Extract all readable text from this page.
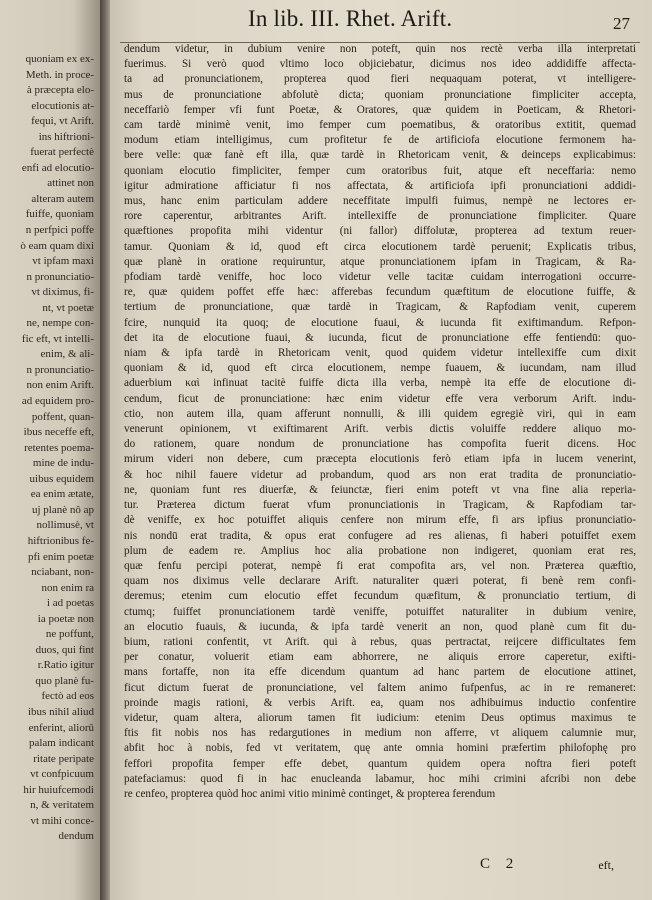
quoniam ex ex-
Meth. in proce-
à præcepta elo-
elocutionis at-
fequi, vt Arift.
ins hiftrioni-
fuerat perfectè
enfi ad elocutio-
attinet non
alteram autem
fuiffe, quoniam
n perfpici poffe
ò eam quam dixi
vt ipfam maxi
n pronunciatio-
vt diximus, fi-
nt, vt poetæ
ne, nempe con-
fic eft, vt intelli-
enim, & ali-
n pronunciatio-
non enim Arift.
ad equidem pro-
poffent, quan-
ibus neceffe eft,
retentes poema-
mine de indu-
uibus equidem
ea enim ætate,
uj planè nô ap
nollimusè, vt
hiftrionibus fe-
pfi enim poetæ
nciabant, non-
non enim ra
i ad poetas
ia poetæ non
ne poffunt,
duos, qui fint
r.Ratio igitur
quo planè fu-
fectò ad eos
ibus nihil aliud
enferint, aliorū
palam indicant
ritate peripate
vt confpicuum
hir huiufcemodi
n, & veritatem
vt mihi conce-
dendum
In lib. III. Rhet. Arift.	27
dendum videtur, in dubium venire non poteft, quin nos rectè verba illa interpretati
fuerimus. Si verò quod vltimo loco objiciebatur, dicimus nos ideo addidiffe affecta-
ta ad pronunciationem, propterea quod fieri nequaquam poterat, vt intelligere-
mus de pronunciatione abfolutè dicta; quoniam pronunciatione fimpliciter accepta,
neceffariò femper vfi funt Poetæ, & Oratores, quæ quidem in Poeticam, & Rhetori-
cam tardè minimè venit, imo femper cum poematibus, & oratoribus extitit, quemad
modum etiam intelligimus, cum profitetur fe de artificiofa elocutione fermonem ha-
bere velle: quæ fanè eft illa, quæ tardè in Rhetoricam venit, & deinceps explicabimus:
quoniam elocutio fimpliciter, femper cum oratoribus fuit, atque eft neceffaria: nemo
igitur admiratione afficiatur fi nos affectata, & artificiofa ipfi pronunciationi addidi-
mus, hanc enim particulam addere neceffitate impulfi fuimus, nempè ne lectores er-
rore caperentur, arbitrantes Arift. intellexiffe de pronunciatione fimpliciter. Quare
quæftiones propofita mihi videntur (ni fallor) diffolutæ, propterea ad textum reuer-
tamur. Quoniam & id, quod eft circa elocutionem tardè peruenit; Explicatis tribus,
quæ planè in oratione requiruntur, atque pronunciationem ipfam in Tragicam, & Ra-
pfodiam tardè veniffe, hoc loco videtur velle tacitæ cuidam interrogationi occurre-
re, quæ quidem poffet effe hæc: afferebas fecundum quæftitum de elocutione fuiffe, &
tertium de pronunciatione, quæ tardè in Tragicam, & Rapfodiam venit, cuperem
fcire, nunquid ita quoq; de elocutione fuaui, & iucunda fit exiftimandum. Refpon-
det ita de elocutione fuaui, & iucunda, ficut de pronunciatione effe fentiendū: quo-
niam & ipfa tardè in Rhetoricam venit, quod quidem videtur intellexiffe cum dixit
quoniam & id, quod eft circa elocutionem, nempe fuauem, & iucundam, nam illud
aduerbium καὶ infinuat tacitè fuiffe dicta illa verba, nempè ita effe de elocutione di-
cendum, ficut de pronunciatione: hæc enim videtur effe vera verborum Arift. indu-
ctio, non autem illa, quam afferunt nonnulli, & illi quidem egregiè viri, qui in eam
venerunt opinionem, vt exiftimarent Arift. verbis dictis voluiffe reddere aliquo mo-
do rationem, quare nondum de pronunciatione has compofita fuerit dicens. Hoc
mirum videri non debere, cum præcepta elocutionis ferò etiam ipfa in lucem venerint,
& hoc nihil fauere videtur ad probandum, quod ars non erat tradita de pronunciatio-
ne, quoniam funt res diuerfæ, & feiunctæ, fieri enim poteft vt vna fine alia reperia-
tur. Præterea dictum fuerat vfum pronunciationis in Tragicam, & Rapfodiam tar-
dè veniffe, ex hoc potuiffet aliquis cenfere non mirum effe, fi ars ipfius pronunciatio-
nis nondū erat tradita, & opus erat confugere ad res alienas, fi haberi potuiffet exem
plum de eadem re. Amplius hoc alia probatione non indigeret, quoniam erat res,
quæ fenfu percipi poterat, nempè fi erat compofita ars, vel non. Præterea quæftio,
quam nos diximus velle declarare Arift. naturaliter quæri poterat, fi benè rem confi-
deremus; etenim cum elocutio effet fecundum quæfitum, & pronunciatio tertium, di
ctumq; fuiffet pronunciationem tardè veniffe, potuiffet naturaliter in dubium venire,
an elocutio fuauis, & iucunda, & ipfa tardè venerit an non, quod planè cum fit du-
bium, rationi confentit, vt Arift. qui à rebus, quas pertractat, reijcere difficultates fem
per conatur, voluerit etiam eam abhorrere, ne aliquis errore caperetur, exifti-
mans fortaffe, non ita effe dicendum quantum ad hanc partem de elocutione attinet,
ficut dictum fuerat de pronunciatione, vel faltem animo fufpenfus, ac in re remaneret:
proinde magis rationi, & verbis Arift. ea, quam nos adhibuimus inductio confentire
videtur, quam altera, aliorum tamen fit iudicium: etenim Deus optimus maximus te
ftis fit nobis nos has redargutiones in medium non afferre, vt aliquem calumnie mur,
abfit hoc à nobis, fed vt veritatem, quę ante omnia homini præfertim philofophę pro
feffori propofita femper effe debet, quantum quidem opera noftra fieri poteft
patefaciamus: quod fi in hac enucleanda labamur, hoc mihi crimini afcribi non debe
re cenfeo, propterea quòd hoc animi vitio minimè continget, & propterea ferendum
C 2	eft,
